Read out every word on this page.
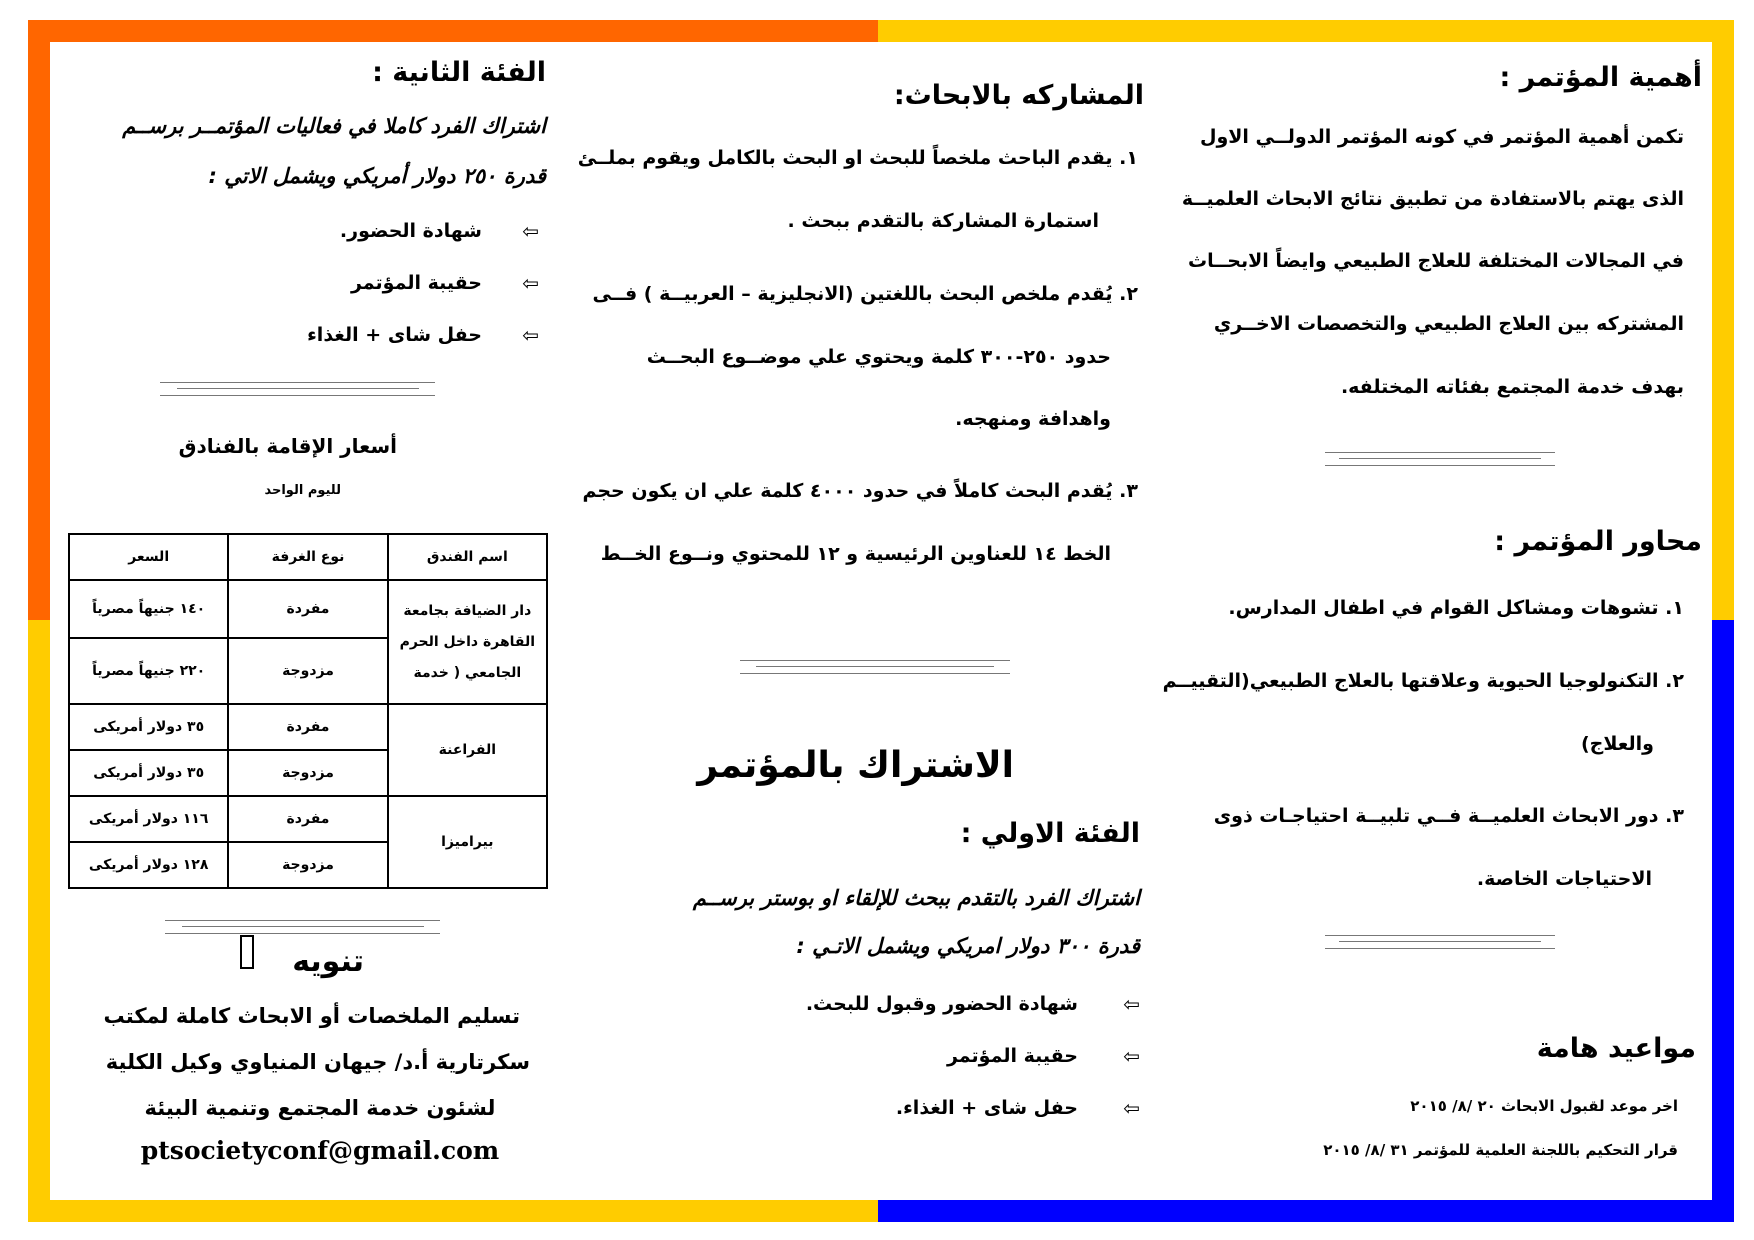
أهمية المؤتمر :
تكمن أهمية المؤتمر في كونه المؤتمر الدولــي الاول
الذى يهتم بالاستفادة من تطبيق نتائج الابحاث العلميــة
في المجالات المختلفة للعلاج الطبيعي وايضاً الابحــاث
المشتركه بين العلاج الطبيعي والتخصصات الاخــري
بهدف خدمة المجتمع بفئاته المختلفه.
محاور المؤتمر :
١. تشوهات ومشاكل القوام في اطفال المدارس.
٢. التكنولوجيا الحيوية وعلاقتها بالعلاج الطبيعي(التقييــم
والعلاج)
٣. دور الابحاث العلميــة فــي تلبيــة احتياجـات ذوى
الاحتياجات الخاصة.
مواعيد هامة
اخر موعد لقبول الابحاث ٢٠ /٨/ ٢٠١٥
قرار التحكيم باللجنة العلمية للمؤتمر ٣١ /٨/ ٢٠١٥
المشاركه بالابحاث:
١. يقدم الباحث ملخصاً للبحث او البحث بالكامل ويقوم بملــئ
استمارة المشاركة بالتقدم ببحث .
٢. يُقدم ملخص البحث باللغتين (الانجليزية – العربيــة ) فــى
حدود ٢٥٠-٣٠٠ كلمة ويحتوي علي موضــوع البحــث
واهدافة ومنهجه.
٣. يُقدم البحث كاملاً في حدود ٤٠٠٠ كلمة علي ان يكون حجم
الخط ١٤ للعناوين الرئيسية و ١٢ للمحتوي ونــوع الخــط
الاشتراك بالمؤتمر
الفئة الاولي :
اشتراك الفرد بالتقدم ببحث للإلقاء او بوستر برســم
قدرة ٣٠٠ دولار امريكي ويشمل الاتـي :
⇦
شهادة الحضور وقبول للبحث.
⇦
حقيبة المؤتمر
⇦
حفل شاى + الغذاء.
الفئة الثانية :
اشتراك الفرد كاملا في فعاليات المؤتمــر برســم
قدرة ٢٥٠ دولار أمريكي ويشمل الاتي :
⇦
شهادة الحضور.
⇦
حقيبة المؤتمر
⇦
حفل شاى + الغذاء
أسعار الإقامة بالفنادق
لليوم الواحد
اسم الفندق	نوع الغرفة	السعر
دار الضيافة بجامعة القاهرة داخل الحرم الجامعي ( خدمة	مفردة	١٤٠ جنيهاً مصرياً
	مزدوجة	٢٢٠ جنيهاً مصرياً
الفراعنة	مفردة	٣٥ دولار أمريكى
	مزدوجة	٣٥ دولار أمريكى
بيراميزا	مفردة	١١٦ دولار أمريكى
	مزدوجة	١٢٨ دولار أمريكى
تنويه
تسليم الملخصات أو الابحاث كاملة لمكتب
سكرتارية أ.د/ جيهان المنياوي وكيل الكلية
لشئون خدمة المجتمع وتنمية البيئة
ptsocietyconf@gmail.com
